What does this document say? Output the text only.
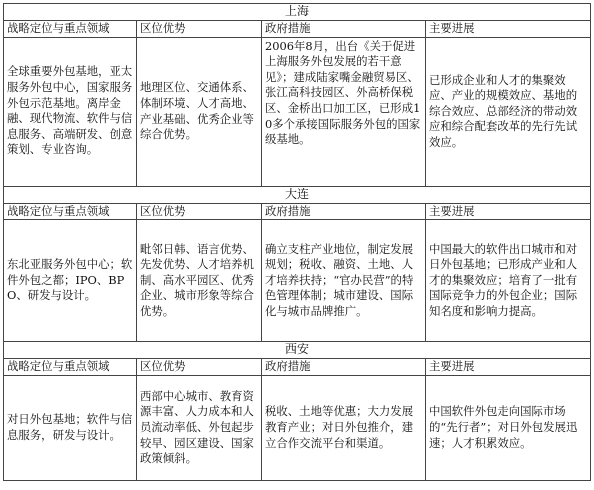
上海			
战略定位与重点领域	区位优势	政府措施	主要进展

全球重要外包基地，亚太服务外包中心，国家服务外包示范基地。离岸金融、现代物流、软件与信息服务、高端研发、创意策划、专业咨询。	地理区位、交通体系、体制环境、人才高地、产业基础、优秀企业等综合优势。	2006年8月，出台《关于促进上海服务外包发展的若干意见》；建成陆家嘴金融贸易区、张江高科技园区、外高桥保税区、金桥出口加工区，已形成10多个承接国际服务外包的国家级基地。	已形成企业和人才的集聚效应、产业的规模效应、基地的综合效应、总部经济的带动效应和综合配套改革的先行先试效应。

大连			
战略定位与重点领域	区位优势	政府措施	主要进展

东北亚服务外包中心；软件外包之都；IPO、BPO、研发与设计。	毗邻日韩、语言优势、先发优势、人才培养机制、高水平园区、优秀企业、城市形象等综合优势。	确立支柱产业地位，制定发展规划；税收、融资、土地、人才培养扶持；“官办民营”的特色管理体制；城市建设、国际化与城市品牌推广。	中国最大的软件出口城市和对日外包基地；已形成产业和人才的集聚效应；培育了一批有国际竞争力的外包企业；国际知名度和影响力提高。

西安			
战略定位与重点领域	区位优势	政府措施	主要进展

对日外包基地；软件与信息服务，研发与设计。	西部中心城市、教育资源丰富、人力成本和人员流动率低、外包起步较早、园区建设、国家政策倾斜。	税收、土地等优惠；大力发展教育产业；对日外包推介，建立合作交流平台和渠道。	中国软件外包走向国际市场的“先行者”；对日外包发展迅速；人才积累效应。
